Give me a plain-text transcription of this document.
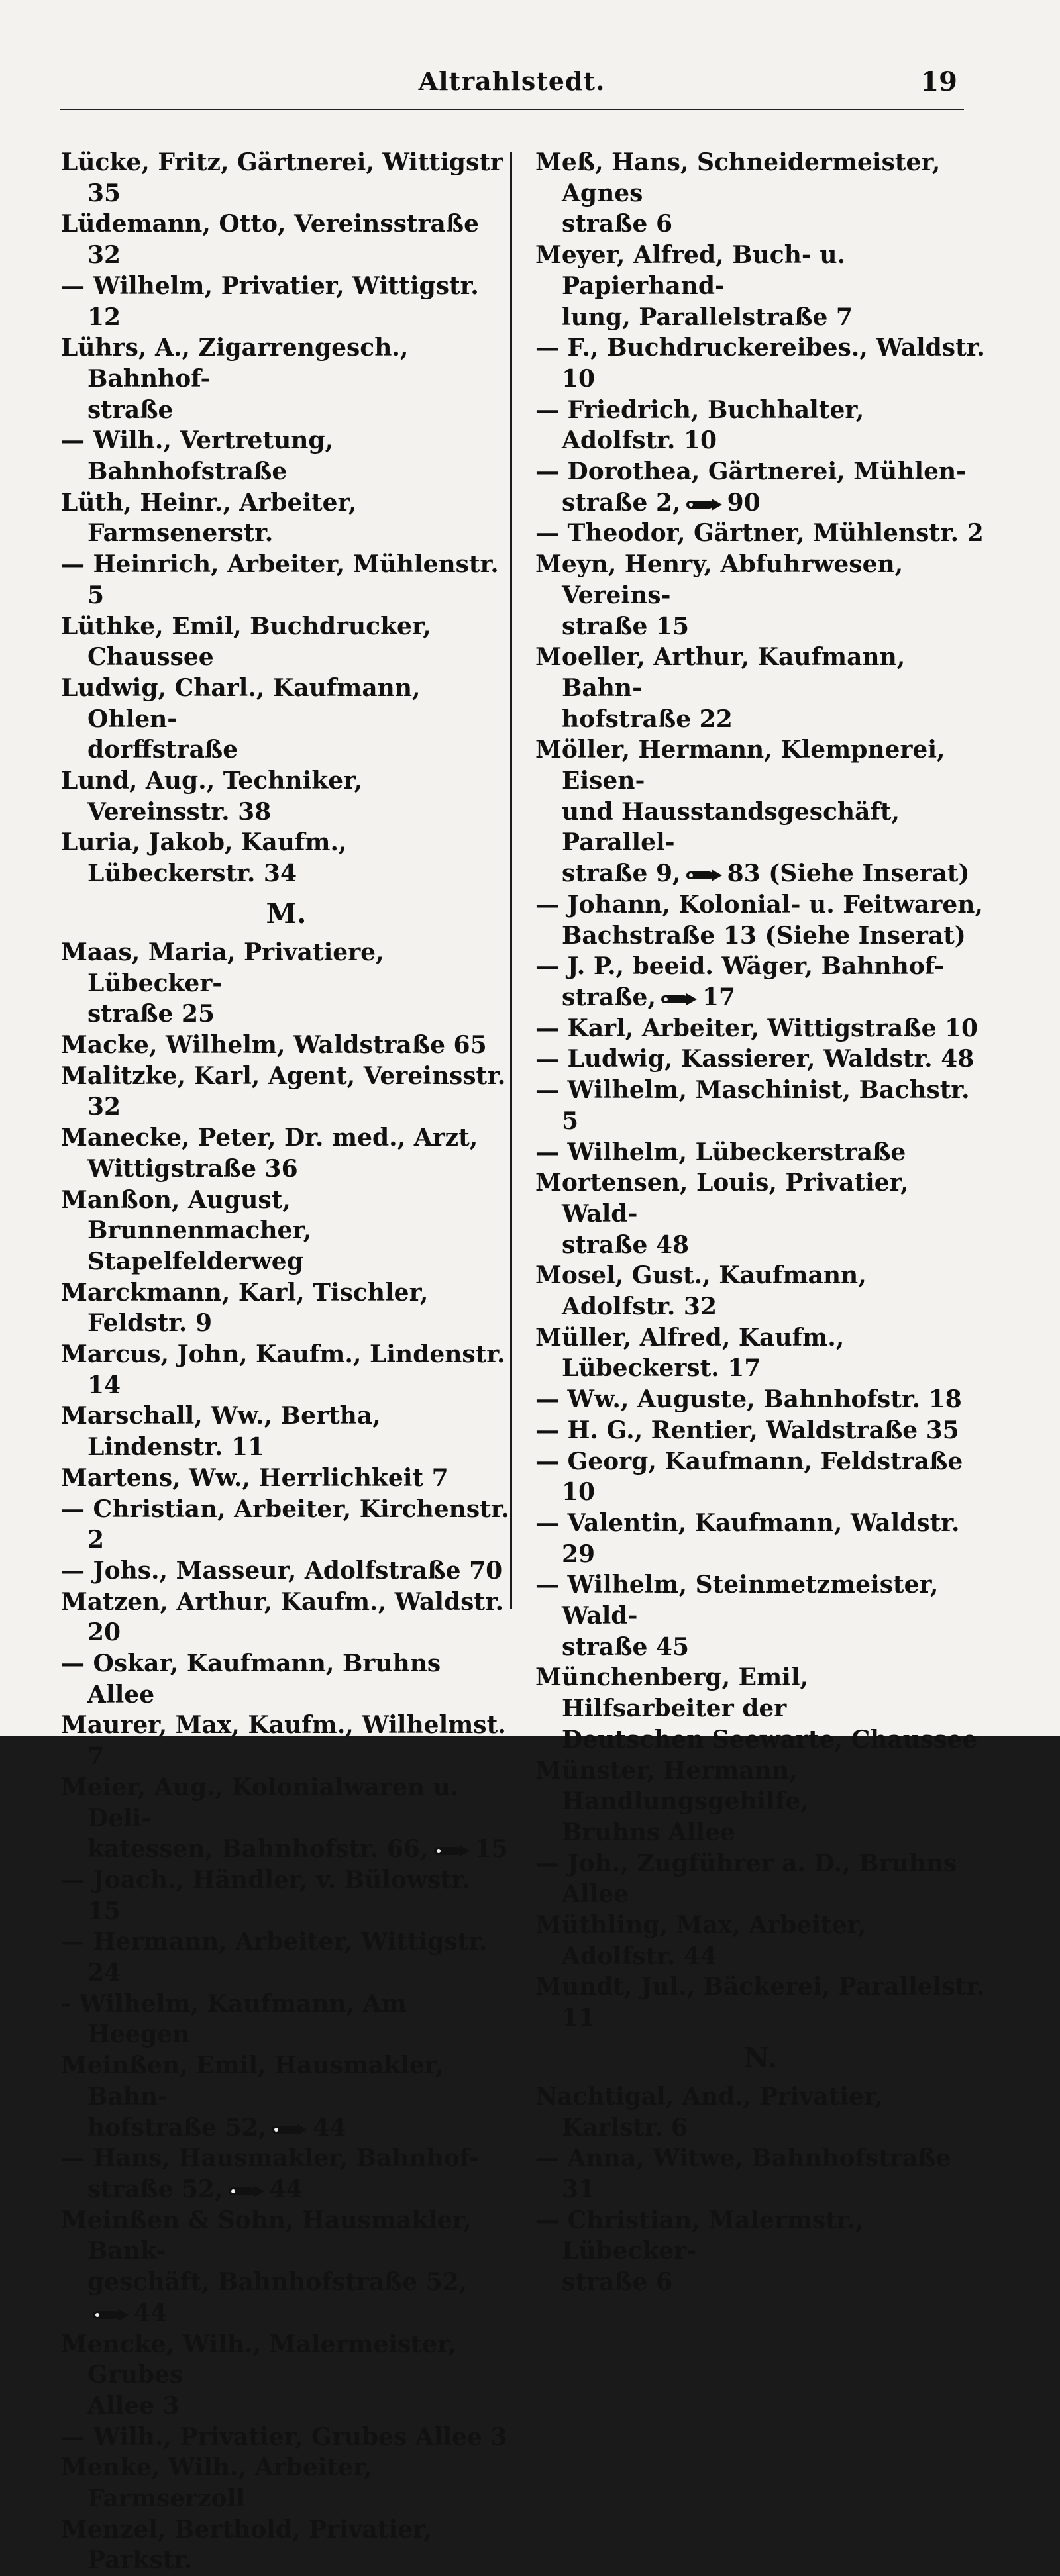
Altrahlstedt.	19
Lücke, Fritz, Gärtnerei, Wittigstr 35
Lüdemann, Otto, Vereinsstraße 32
— Wilhelm, Privatier, Wittigstr. 12
Lührs, A., Zigarrengesch., Bahnhof-
straße
— Wilh., Vertretung, Bahnhofstraße
Lüth, Heinr., Arbeiter, Farmsenerstr.
— Heinrich, Arbeiter, Mühlenstr. 5
Lüthke, Emil, Buchdrucker, Chaussee
Ludwig, Charl., Kaufmann, Ohlen-
dorffstraße
Lund, Aug., Techniker, Vereinsstr. 38
Luria, Jakob, Kaufm., Lübeckerstr. 34
M.
Maas, Maria, Privatiere, Lübecker-
straße 25
Macke, Wilhelm, Waldstraße 65
Malitzke, Karl, Agent, Vereinsstr. 32
Manecke, Peter, Dr. med., Arzt,
Wittigstraße 36
Manßon, August, Brunnenmacher,
Stapelfelderweg
Marckmann, Karl, Tischler, Feldstr. 9
Marcus, John, Kaufm., Lindenstr. 14
Marschall, Ww., Bertha, Lindenstr. 11
Martens, Ww., Herrlichkeit 7
— Christian, Arbeiter, Kirchenstr. 2
— Johs., Masseur, Adolfstraße 70
Matzen, Arthur, Kaufm., Waldstr. 20
— Oskar, Kaufmann, Bruhns Allee
Maurer, Max, Kaufm., Wilhelmst. 7
Meier, Aug., Kolonialwaren u. Deli-
katessen, Bahnhofstr. 66, 15
— Joach., Händler, v. Bülowstr. 15
— Hermann, Arbeiter, Wittigstr. 24
- Wilhelm, Kaufmann, Am Heegen
Meinßen, Emil, Hausmakler, Bahn-
hofstraße 52, 44
— Hans, Hausmakler, Bahnhof-
straße 52, 44
Meinßen & Sohn, Hausmakler, Bank-
geschäft, Bahnhofstraße 52,44
Mencke, Wilh., Malermeister, Grubes
Allee 3
— Wilh., Privatier, Grubes Allee 3
Menke, Wilh., Arbeiter, Farmserzoll
Menzel, Berthold, Privatier, Parkstr.
Meß, Hans, Schneidermeister, Agnes
straße 6
Meyer, Alfred, Buch- u. Papierhand-
lung, Parallelstraße 7
— F., Buchdruckereibes., Waldstr. 10
— Friedrich, Buchhalter, Adolfstr. 10
— Dorothea, Gärtnerei, Mühlen-
straße 2, 90
— Theodor, Gärtner, Mühlenstr. 2
Meyn, Henry, Abfuhrwesen, Vereins-
straße 15
Moeller, Arthur, Kaufmann, Bahn-
hofstraße 22
Möller, Hermann, Klempnerei, Eisen-
und Hausstandsgeschäft, Parallel-
straße 9, 83 (Siehe Inserat)
— Johann, Kolonial- u. Feitwaren,
Bachstraße 13 (Siehe Inserat)
— J. P., beeid. Wäger, Bahnhof-
straße, 17
— Karl, Arbeiter, Wittigstraße 10
— Ludwig, Kassierer, Waldstr. 48
— Wilhelm, Maschinist, Bachstr. 5
— Wilhelm, Lübeckerstraße
Mortensen, Louis, Privatier, Wald-
straße 48
Mosel, Gust., Kaufmann, Adolfstr. 32
Müller, Alfred, Kaufm., Lübeckerst. 17
— Ww., Auguste, Bahnhofstr. 18
— H. G., Rentier, Waldstraße 35
— Georg, Kaufmann, Feldstraße 10
— Valentin, Kaufmann, Waldstr. 29
— Wilhelm, Steinmetzmeister, Wald-
straße 45
Münchenberg, Emil, Hilfsarbeiter der
Deutschen Seewarte, Chaussee
Münster, Hermann, Handlungsgehilfe,
Bruhns Allee
— Joh., Zugführer a. D., Bruhns
Allee
Müthling, Max, Arbeiter, Adolfstr. 44
Mundt, Jul., Bäckerei, Parallelstr. 11
N.
Nachtigal, And., Privatier, Karlstr. 6
— Anna, Witwe, Bahnhofstraße 31
— Christian, Malermstr., Lübecker-
straße 6
